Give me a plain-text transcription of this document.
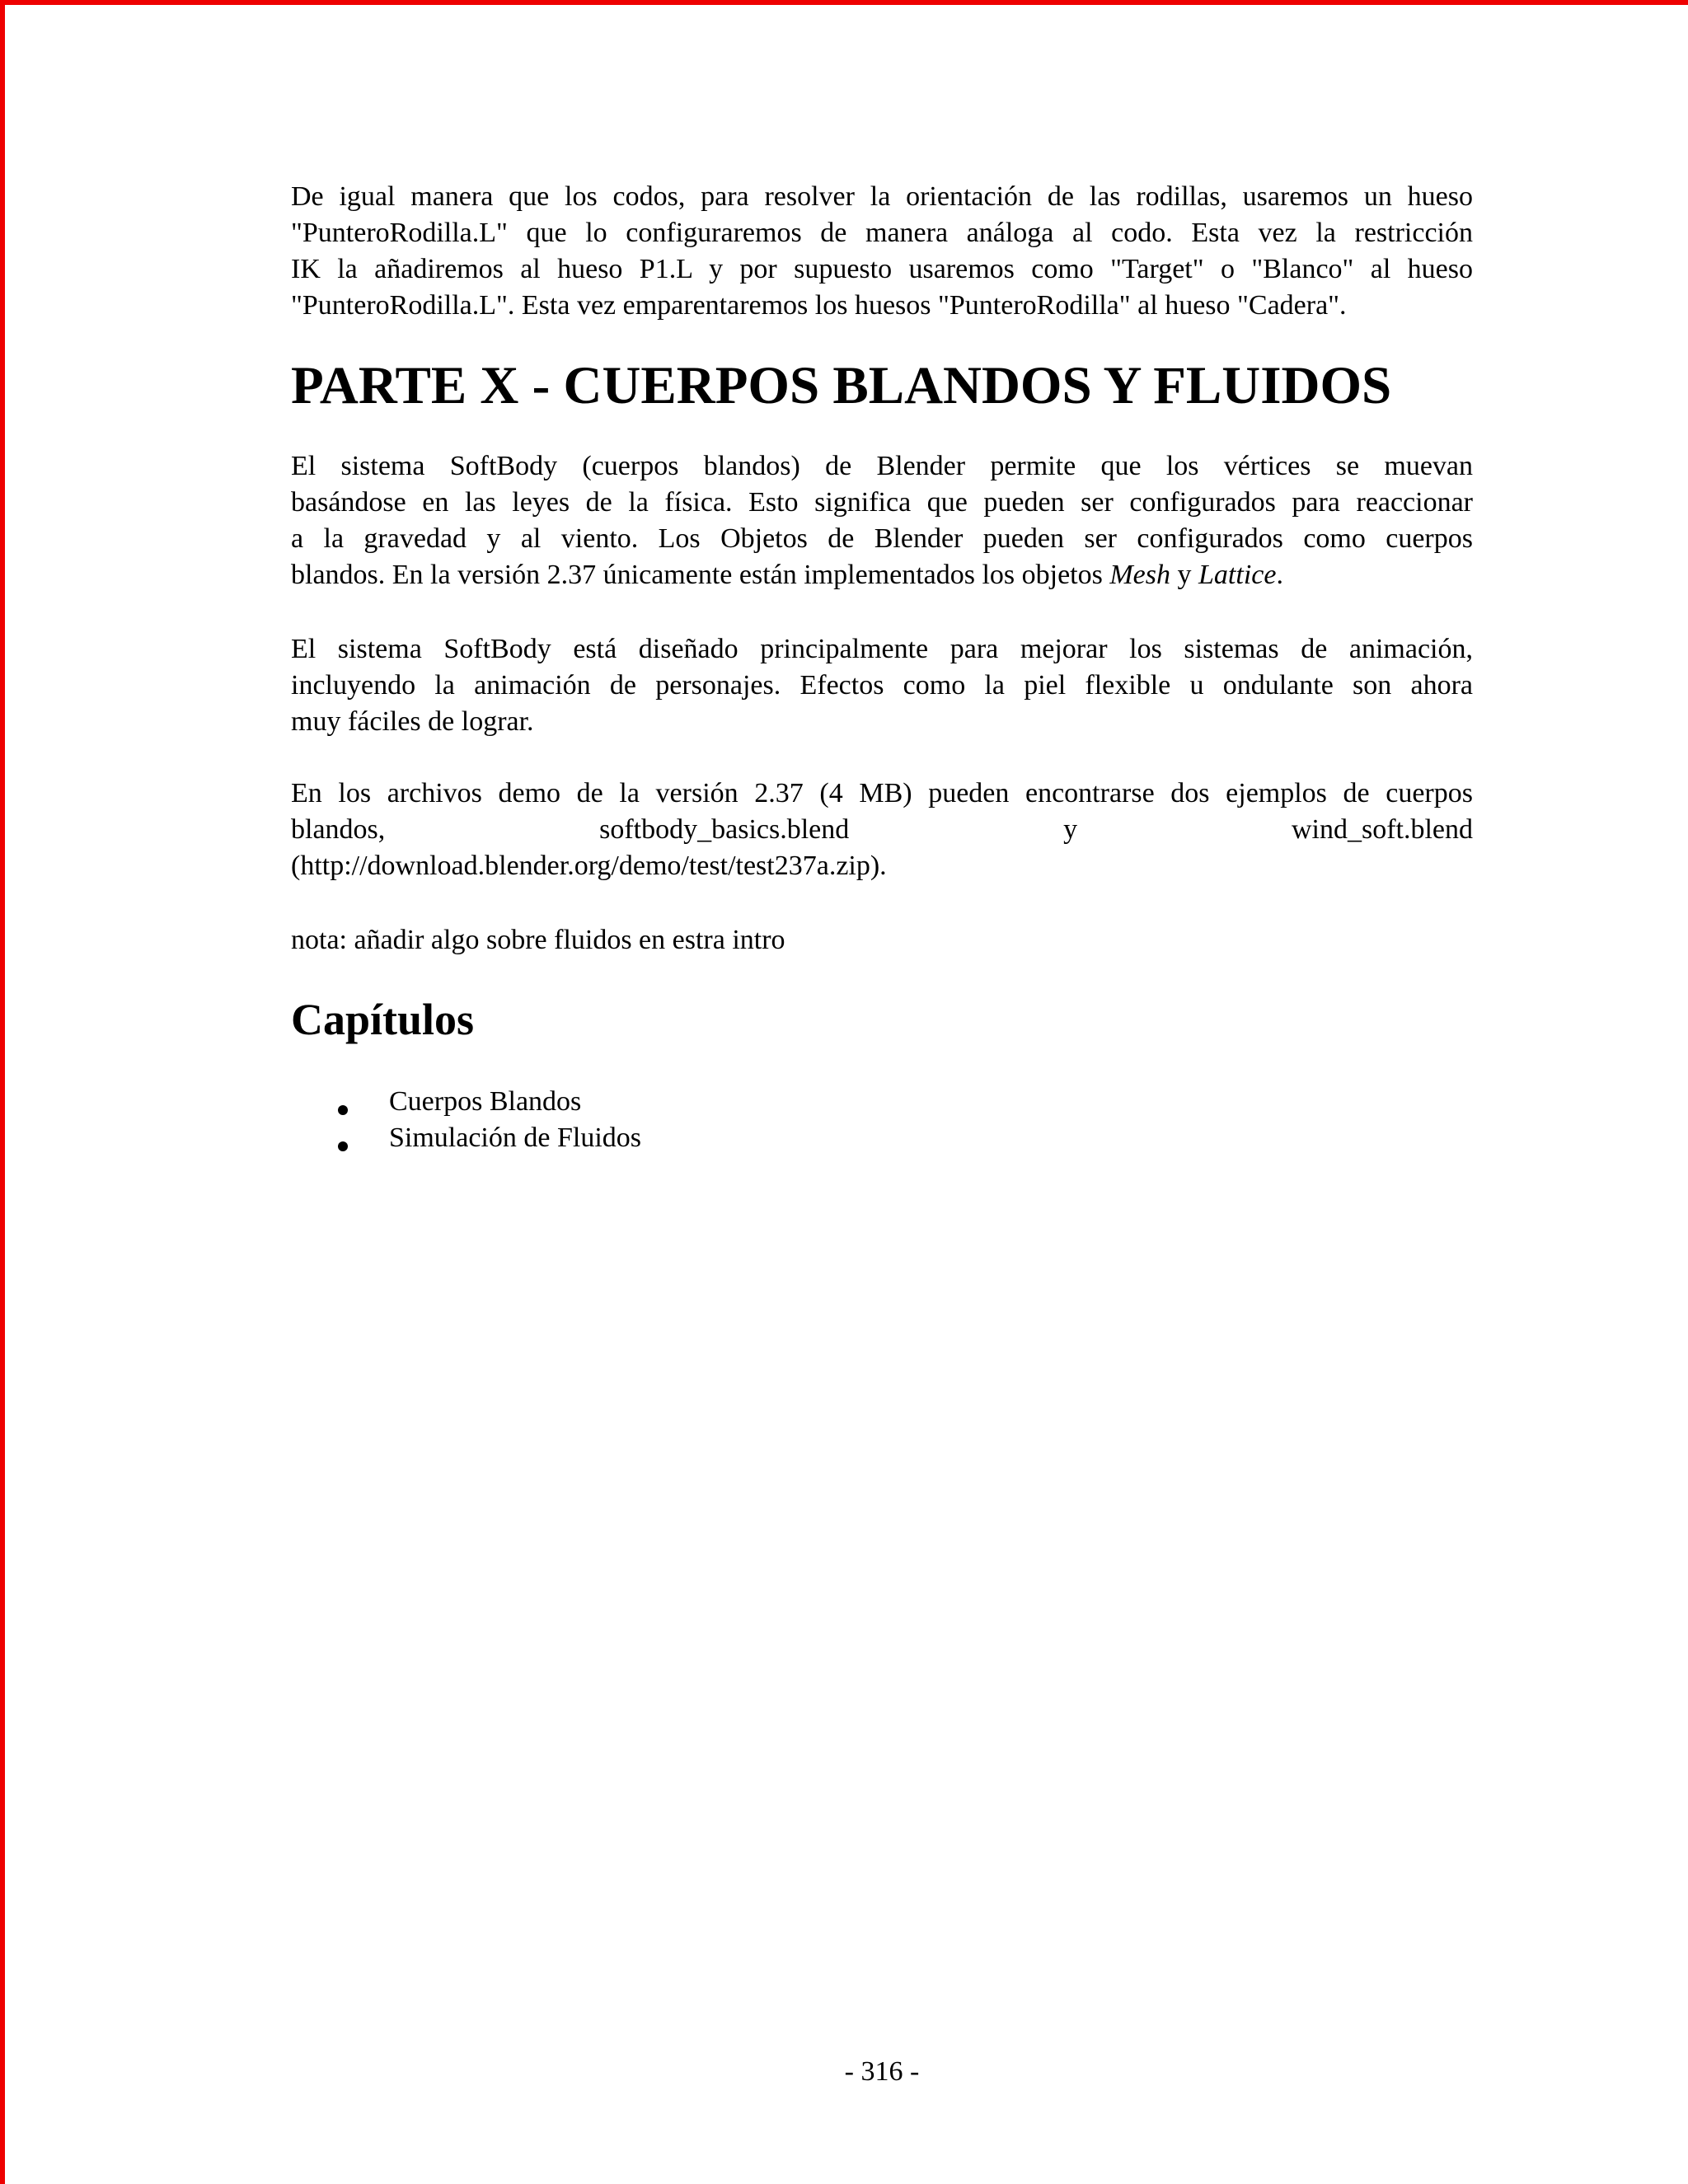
De igual manera que los codos, para resolver la orientación de las rodillas, usaremos un hueso
"PunteroRodilla.L" que lo configuraremos de manera análoga al codo. Esta vez la restricción
IK la añadiremos al hueso P1.L y por supuesto usaremos como "Target" o "Blanco" al hueso
"PunteroRodilla.L". Esta vez emparentaremos los huesos "PunteroRodilla" al hueso "Cadera".
PARTE X - CUERPOS BLANDOS Y FLUIDOS
El sistema SoftBody (cuerpos blandos) de Blender permite que los vértices se muevan
basándose en las leyes de la física. Esto significa que pueden ser configurados para reaccionar
a la gravedad y al viento. Los Objetos de Blender pueden ser configurados como cuerpos
blandos. En la versión 2.37 únicamente están implementados los objetos Mesh y Lattice.
El sistema SoftBody está diseñado principalmente para mejorar los sistemas de animación,
incluyendo la animación de personajes. Efectos como la piel flexible u ondulante son ahora
muy fáciles de lograr.
En los archivos demo de la versión 2.37 (4 MB) pueden encontrarse dos ejemplos de cuerpos
blandos, softbody_basics.blend y wind_soft.blend
(http://download.blender.org/demo/test/test237a.zip).
nota: añadir algo sobre fluidos en estra intro
Capítulos
Cuerpos Blandos
Simulación de Fluidos
- 316 -
